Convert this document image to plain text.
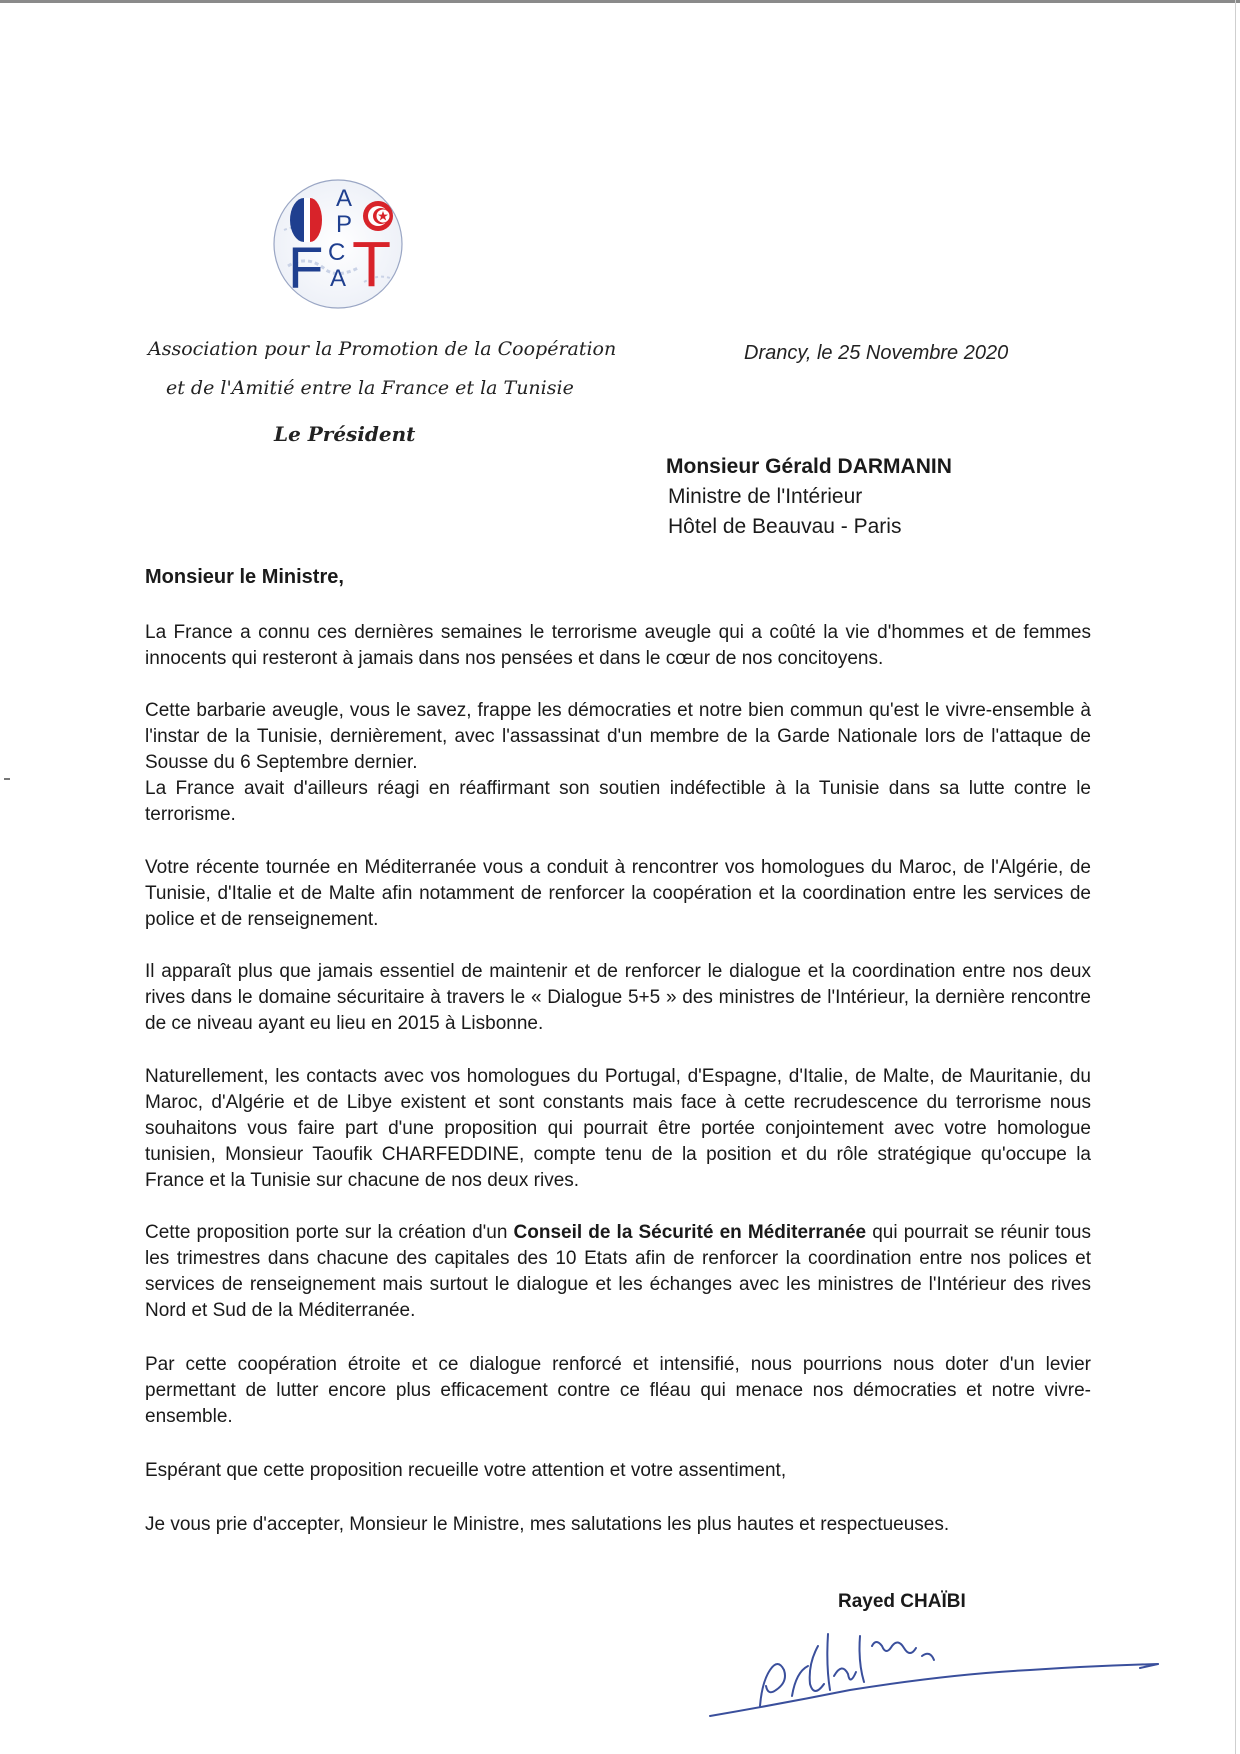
A
P
F C T
A
Association pour la Promotion de la Coopération
et de l'Amitié entre la France et la Tunisie
Le Président
Drancy, le 25 Novembre 2020
Monsieur Gérald DARMANIN
Ministre de l'Intérieur
Hôtel de Beauvau - Paris
Monsieur le Ministre,

La France a connu ces dernières semaines le terrorisme aveugle qui a coûté la vie d'hommes et de femmes innocents qui resteront à jamais dans nos pensées et dans le cœur de nos concitoyens.

Cette barbarie aveugle, vous le savez, frappe les démocraties et notre bien commun qu'est le vivre-ensemble à l'instar de la Tunisie, dernièrement, avec l'assassinat d'un membre de la Garde Nationale lors de l'attaque de Sousse du 6 Septembre dernier.

La France avait d'ailleurs réagi en réaffirmant son soutien indéfectible à la Tunisie dans sa lutte contre le terrorisme.

Votre récente tournée en Méditerranée vous a conduit à rencontrer vos homologues du Maroc, de l'Algérie, de Tunisie, d'Italie et de Malte afin notamment de renforcer la coopération et la coordination entre les services de police et de renseignement.

Il apparaît plus que jamais essentiel de maintenir et de renforcer le dialogue et la coordination entre nos deux rives dans le domaine sécuritaire à travers le « Dialogue 5+5 » des ministres de l'Intérieur, la dernière rencontre de ce niveau ayant eu lieu en 2015 à Lisbonne.

Naturellement, les contacts avec vos homologues du Portugal, d'Espagne, d'Italie, de Malte, de Mauritanie, du Maroc, d'Algérie et de Libye existent et sont constants mais face à cette recrudescence du terrorisme nous souhaitons vous faire part d'une proposition qui pourrait être portée conjointement avec votre homologue tunisien, Monsieur Taoufik CHARFEDDINE, compte tenu de la position et du rôle stratégique qu'occupe la France et la Tunisie sur chacune de nos deux rives.

Cette proposition porte sur la création d'un Conseil de la Sécurité en Méditerranée qui pourrait se réunir tous les trimestres dans chacune des capitales des 10 Etats afin de renforcer la coordination entre nos polices et services de renseignement mais surtout le dialogue et les échanges avec les ministres de l'Intérieur des rives Nord et Sud de la Méditerranée.

Par cette coopération étroite et ce dialogue renforcé et intensifié, nous pourrions nous doter d'un levier permettant de lutter encore plus efficacement contre ce fléau qui menace nos démocraties et notre vivre-ensemble.

Espérant que cette proposition recueille votre attention et votre assentiment,

Je vous prie d'accepter, Monsieur le Ministre, mes salutations les plus hautes et respectueuses.

Rayed CHAÏBI
